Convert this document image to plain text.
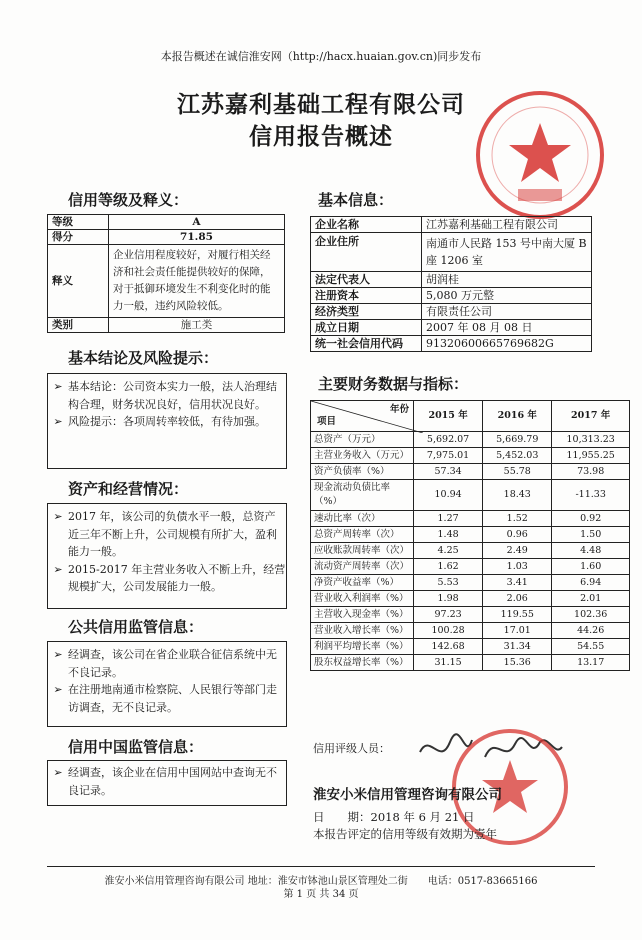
本报告概述在诚信淮安网（http://hacx.huaian.gov.cn)同步发布
江苏嘉利基础工程有限公司
信用报告概述
信用等级及释义：
等级	A
得分	71.85
释义	企业信用程度较好，对履行相关经济和社会责任能提供较好的保障，对于抵御环境发生不利变化时的能力一般，违约风险较低。
类别	施工类
基本信息：
企业名称	江苏嘉利基础工程有限公司
企业住所	南通市人民路 153 号中南大厦 B 座 1206 室
法定代表人	胡润桂
注册资本	5,080 万元整
经济类型	有限责任公司
成立日期	2007 年 08 月 08 日
统一社会信用代码	91320600665769682G
基本结论及风险提示：
➢ 基本结论：公司资本实力一般，法人治理结构合理，财务状况良好，信用状况良好。
➢ 风险提示：各项周转率较低，有待加强。
资产和经营情况：
➢ 2017 年，该公司的负债水平一般，总资产近三年不断上升，公司规模有所扩大，盈利能力一般。
➢ 2015-2017 年主营业务收入不断上升，经营规模扩大，公司发展能力一般。
公共信用监管信息：
➢ 经调查，该公司在省企业联合征信系统中无不良记录。
➢ 在注册地南通市检察院、人民银行等部门走访调查，无不良记录。
信用中国监管信息：
➢ 经调查，该企业在信用中国网站中查询无不良记录。
主要财务数据与指标：
年份
项目	2015 年	2016 年	2017 年
总资产（万元）	5,692.07	5,669.79	10,313.23
主营业务收入（万元）	7,975.01	5,452.03	11,955.25
资产负债率（%）	57.34	55.78	73.98
现金流动负债比率（%）	10.94	18.43	-11.33
速动比率（次）	1.27	1.52	0.92
总资产周转率（次）	1.48	0.96	1.50
应收账款周转率（次）	4.25	2.49	4.48
流动资产周转率（次）	1.62	1.03	1.60
净资产收益率（%）	5.53	3.41	6.94
营业收入利润率（%）	1.98	2.06	2.01
主营收入现金率（%）	97.23	119.55	102.36
营业收入增长率（%）	100.28	17.01	44.26
利润平均增长率（%）	142.68	31.34	54.55
股东权益增长率（%）	31.15	15.36	13.17
信用评级人员：
淮安小米信用管理咨询有限公司
日　　期：2018 年 6 月 21 日
本报告评定的信用等级有效期为壹年
淮安小米信用管理咨询有限公司 地址：淮安市钵池山景区管理处二街　　电话：0517-83665166
第 1 页 共 34 页
